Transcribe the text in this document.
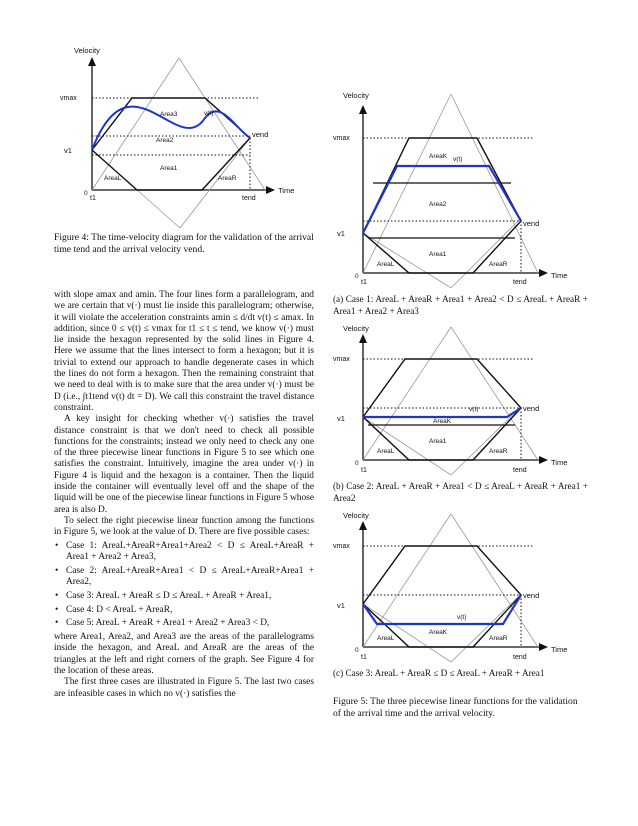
Velocity
vmax
v1
vend
0
t1	tend
Time
Area3
Area2
Area1
AreaL	AreaR
v(t)

Figure 4: The time-velocity diagram for the validation of the arrival time tend and the arrival velocity vend.

with slope amax and amin. The four lines form a parallelogram, and we are certain that v(·) must lie inside this parallelogram; otherwise, it will violate the acceleration constraints amin ≤ d/dt v(t) ≤ amax. In addition, since 0 ≤ v(t) ≤ vmax for t1 ≤ t ≤ tend, we know v(·) must lie inside the hexagon represented by the solid lines in Figure 4. Here we assume that the lines intersect to form a hexagon; but it is trivial to extend our approach to handle degenerate cases in which the lines do not form a hexagon. Then the remaining constraint that we need to deal with is to make sure that the area under v(·) must be D (i.e., ∫t1tend v(t) dt = D). We call this constraint the travel distance constraint.

A key insight for checking whether v(·) satisfies the travel distance constraint is that we don't need to check all possible functions for the constraints; instead we only need to check any one of the three piecewise linear functions in Figure 5 to see which one satisfies the constraint. Intuitively, imagine the area under v(·) in Figure 4 is liquid and the hexagon is a container. Then the liquid inside the container will eventually level off and the shape of the liquid will be one of the piecewise linear functions in Figure 5 whose area is also D.

To select the right piecewise linear function among the functions in Figure 5, we look at the value of D. There are five possible cases:

• Case 1: AreaL+AreaR+Area1+Area2 < D ≤ AreaL+AreaR + Area1 + Area2 + Area3,
• Case 2: AreaL+AreaR+Area1 < D ≤ AreaL+AreaR+Area1 + Area2,
• Case 3: AreaL + AreaR ≤ D ≤ AreaL + AreaR + Area1,
• Case 4: D < AreaL + AreaR,
• Case 5: AreaL + AreaR + Area1 + Area2 + Area3 < D,

where Area1, Area2, and Area3 are the areas of the parallelograms inside the hexagon, and AreaL and AreaR are the areas of the triangles at the left and right corners of the graph. See Figure 4 for the location of these areas.

The first three cases are illustrated in Figure 5. The last two cases are infeasible cases in which no v(·) satisfies the

Velocity
vmax
v1
vend
0
t1	tend
Time
AreaK
Area2
Area1
AreaL	AreaR
v(t)

(a) Case 1: AreaL + AreaR + Area1 + Area2 < D ≤ AreaL + AreaR + Area1 + Area2 + Area3

Velocity
vmax
v1
vend
0
t1	tend
Time
AreaK
Area1
AreaL	AreaR
v(t)

(b) Case 2: AreaL + AreaR + Area1 < D ≤ AreaL + AreaR + Area1 + Area2

Velocity
vmax
v1
vend
0
t1	tend
Time
AreaK
AreaL	AreaR
v(t)

(c) Case 3: AreaL + AreaR ≤ D ≤ AreaL + AreaR + Area1

Figure 5: The three piecewise linear functions for the validation of the arrival time and the arrival velocity.
